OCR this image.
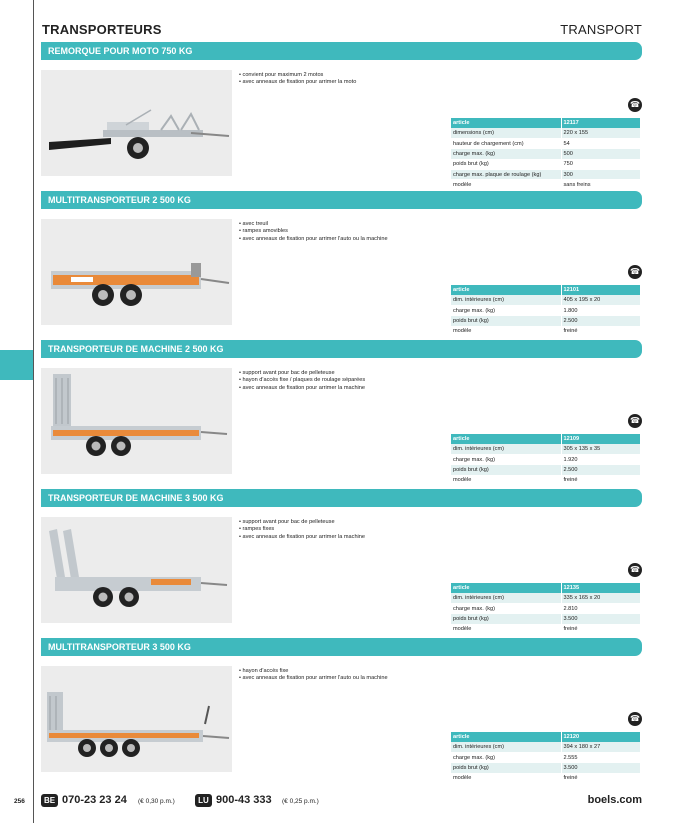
TRANSPORTEURS	TRANSPORT
REMORQUE POUR MOTO 750 KG
• convient pour maximum 2 motos
• avec anneaux de fixation pour arrimer la moto
☎
article	12117
dimensions (cm)	220 x 155
hauteur de chargement (cm)	54
charge max. (kg)	500
poids brut (kg)	750
charge max. plaque de roulage (kg)	300
modèle	sans freins
MULTITRANSPORTEUR 2 500 KG
• avec treuil
• rampes amovibles
• avec anneaux de fixation pour arrimer l'auto ou la machine
☎
article	12101
dim. intérieures (cm)	405 x 195 x 20
charge max. (kg)	1.800
poids brut (kg)	2.500
modèle	freiné
TRANSPORTEUR DE MACHINE 2 500 KG
• support avant pour bac de pelleteuse
• hayon d'accès fixe / plaques de roulage séparées
• avec anneaux de fixation pour arrimer la machine
☎
article	12109
dim. intérieures (cm)	305 x 135 x 35
charge max. (kg)	1.920
poids brut (kg)	2.500
modèle	freiné
TRANSPORTEUR DE MACHINE 3 500 KG
• support avant pour bac de pelleteuse
• rampes fixes
• avec anneaux de fixation pour arrimer la machine
☎
article	12135
dim. intérieures (cm)	335 x 165 x 20
charge max. (kg)	2.810
poids brut (kg)	3.500
modèle	freiné
MULTITRANSPORTEUR 3 500 KG
• hayon d'accès fixe
• avec anneaux de fixation pour arrimer l'auto ou la machine
☎
article	12120
dim. intérieures (cm)	394 x 180 x 27
charge max. (kg)	2.555
poids brut (kg)	3.500
modèle	freiné
256	BE 070-23 23 24 (€ 0,30 p.m.)	LU 900-43 333 (€ 0,25 p.m.)	boels.com
